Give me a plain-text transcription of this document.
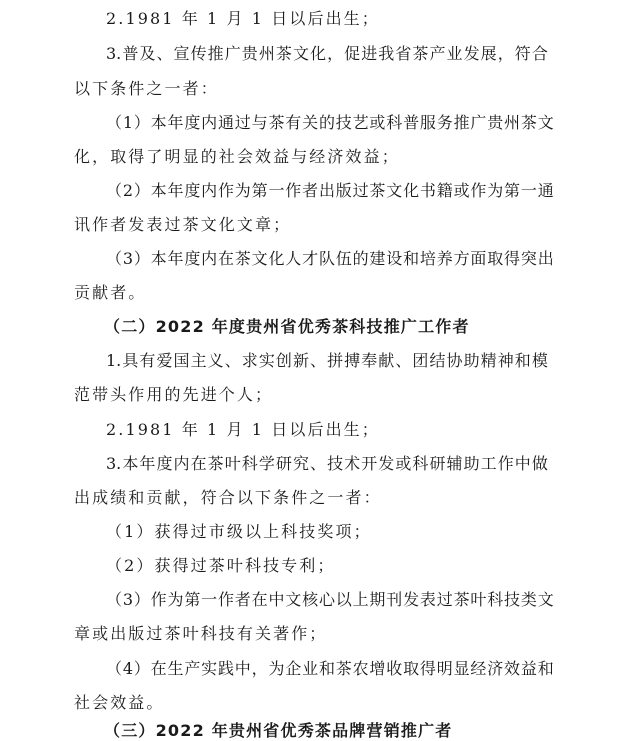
2.1981 年 1 月 1 日以后出生；
3. 普 及 、 宣 传 推 广 贵 州 茶 文 化 ， 促 进 我 省 茶 产 业 发 展 ， 符 合
以下条件之一者：
（ 1 ） 本 年 度 内 通 过 与 茶 有 关 的 技 艺 或 科 普 服 务 推 广 贵 州 茶 文
化，取得了明显的社会效益与经济效益；
（ 2 ） 本 年 度 内 作 为 第 一 作 者 出 版 过 茶 文 化 书 籍 或 作 为 第 一 通
讯作者发表过茶文化文章；
（ 3 ） 本 年 度 内 在 茶 文 化 人 才 队 伍 的 建 设 和 培 养 方 面 取 得 突 出
贡献者。
（二）2022 年度贵州省优秀茶科技推广工作者
1. 具 有 爱 国 主 义 、 求 实 创 新 、 拼 搏 奉 献 、 团 结 协 助 精 神 和 模
范带头作用的先进个人；
2.1981 年 1 月 1 日以后出生；
3. 本 年 度 内 在 茶 叶 科 学 研 究 、 技 术 开 发 或 科 研 辅 助 工 作 中 做
出成绩和贡献，符合以下条件之一者：
（1）获得过市级以上科技奖项；
（2）获得过茶叶科技专利；
（ 3 ） 作 为 第 一 作 者 在 中 文 核 心 以 上 期 刊 发 表 过 茶 叶 科 技 类 文
章或出版过茶叶科技有关著作；
（ 4 ） 在 生 产 实 践 中 ， 为 企 业 和 茶 农 增 收 取 得 明 显 经 济 效 益 和
社会效益。
（三）2022 年贵州省优秀茶品牌营销推广者
